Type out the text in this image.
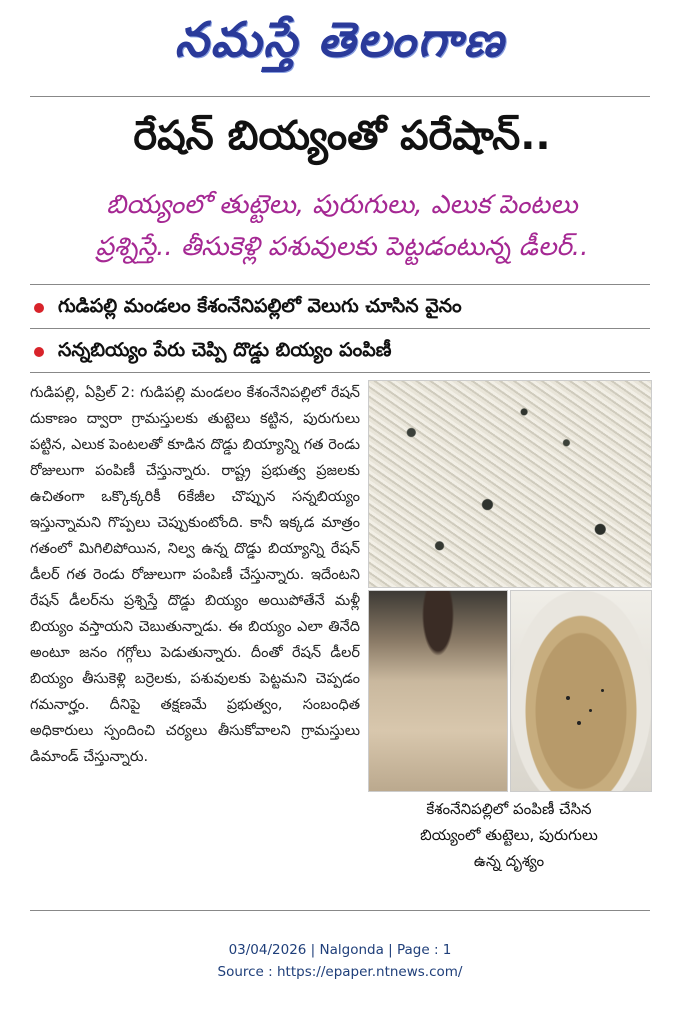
నమస్తే తెలంగాణ
రేషన్ బియ్యంతో పరేషాన్..
బియ్యంలో తుట్టెలు, పురుగులు, ఎలుక పెంటలు
ప్రశ్నిస్తే.. తీసుకెళ్లి పశువులకు పెట్టడంటున్న డీలర్..
గుడిపల్లి మండలం కేశంనేనిపల్లిలో వెలుగు చూసిన వైనం
సన్నబియ్యం పేరు చెప్పి దొడ్డు బియ్యం పంపిణీ

గుడిపల్లి, ఏప్రిల్ 2: గుడిపల్లి మండలం కేశంనేనిపల్లిలో రేషన్ దుకాణం ద్వారా గ్రామస్తులకు తుట్టెలు కట్టిన, పురుగులు పట్టిన, ఎలుక పెంటలతో కూడిన దొడ్డు బియ్యాన్ని గత రెండు రోజులుగా పంపిణీ చేస్తున్నారు. రాష్ట్ర ప్రభుత్వ ప్రజలకు ఉచితంగా ఒక్కొక్కరికీ 6కేజీల చొప్పున సన్నబియ్యం ఇస్తున్నామని గొప్పలు చెప్పుకుంటోంది. కానీ ఇక్కడ మాత్రం గతంలో మిగిలిపోయిన, నిల్వ ఉన్న దొడ్డు బియ్యాన్ని రేషన్ డీలర్ గత రెండు రోజులుగా పంపిణీ చేస్తున్నారు. ఇదేంటని రేషన్ డీలర్‌ను ప్రశ్నిస్తే దొడ్డు బియ్యం అయిపోతేనే మళ్లీ బియ్యం వస్తాయని చెబుతున్నాడు. ఈ బియ్యం ఎలా తినేది అంటూ జనం గగ్గోలు పెడుతున్నారు. దీంతో రేషన్ డీలర్ బియ్యం తీసుకెళ్లి బర్రెలకు, పశువులకు పెట్టమని చెప్పడం గమనార్హం. దీనిపై తక్షణమే ప్రభుత్వం, సంబంధిత అధికారులు స్పందించి చర్యలు తీసుకోవాలని గ్రామస్తులు డిమాండ్ చేస్తున్నారు.

కేశంనేనిపల్లిలో పంపిణీ చేసిన
బియ్యంలో తుట్టెలు, పురుగులు
ఉన్న దృశ్యం
03/04/2026 | Nalgonda | Page : 1
Source : https://epaper.ntnews.com/
